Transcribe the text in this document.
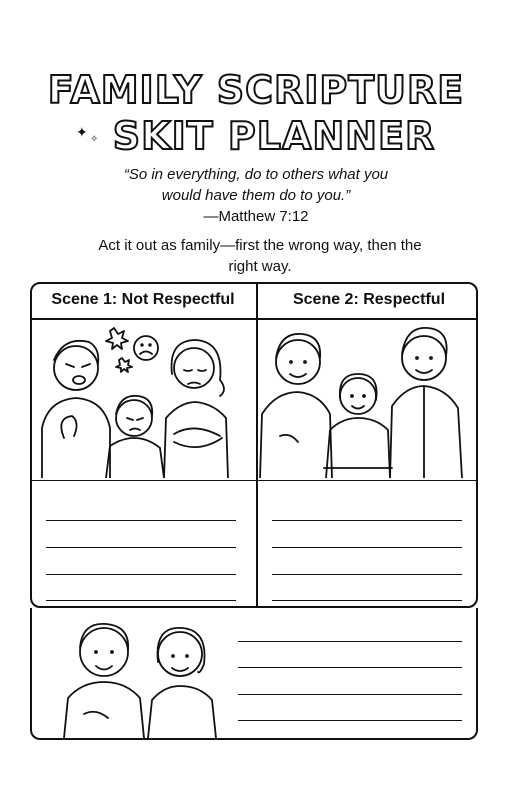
FAMILY SCRIPTURE
✦ ✧ SKIT PLANNER
“So in everything, do to others what you
would have them do to you.”
—Matthew 7:12
Act it out as family—first the wrong way, then the
right way.
Scene 1: Not Respectful	Scene 2: Respectful
